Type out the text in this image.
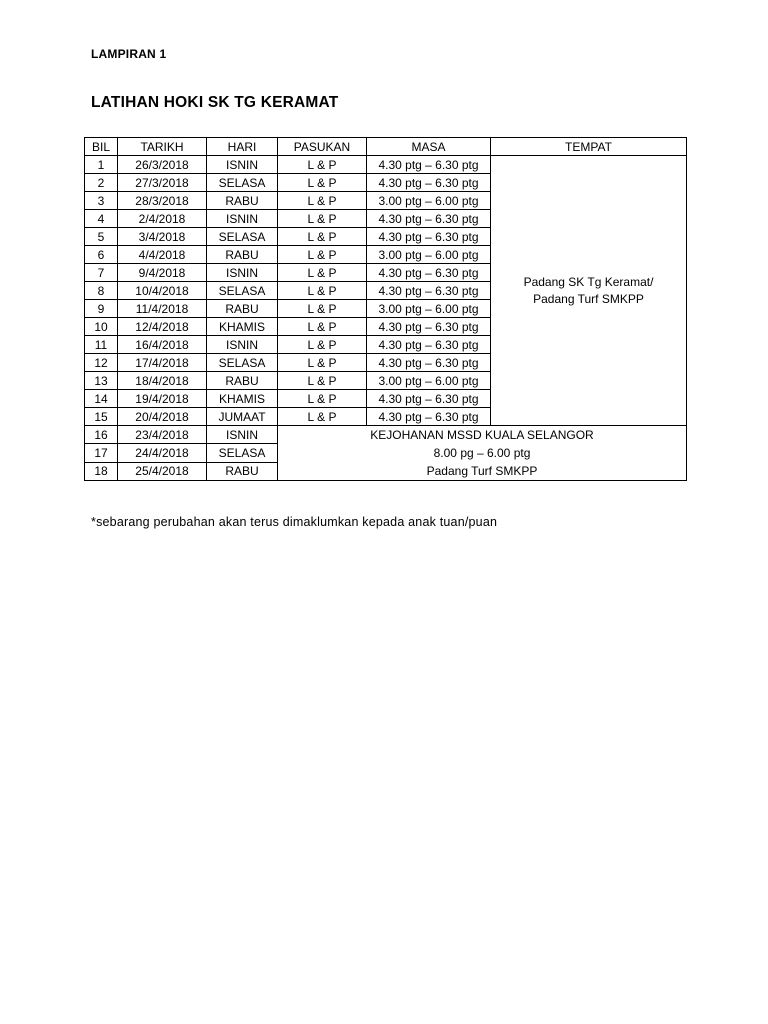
LAMPIRAN 1
LATIHAN HOKI SK TG KERAMAT
BIL	TARIKH	HARI	PASUKAN	MASA	TEMPAT
1	26/3/2018	ISNIN	L & P	4.30 ptg – 6.30 ptg	Padang SK Tg Keramat/
Padang Turf SMKPP

2	27/3/2018	SELASA	L & P	4.30 ptg – 6.30 ptg	
3	28/3/2018	RABU	L & P	3.00 ptg – 6.00 ptg	
4	2/4/2018	ISNIN	L & P	4.30 ptg – 6.30 ptg	
5	3/4/2018	SELASA	L & P	4.30 ptg – 6.30 ptg	
6	4/4/2018	RABU	L & P	3.00 ptg – 6.00 ptg	
7	9/4/2018	ISNIN	L & P	4.30 ptg – 6.30 ptg	
8	10/4/2018	SELASA	L & P	4.30 ptg – 6.30 ptg	
9	11/4/2018	RABU	L & P	3.00 ptg – 6.00 ptg	
10	12/4/2018	KHAMIS	L & P	4.30 ptg – 6.30 ptg	
11	16/4/2018	ISNIN	L & P	4.30 ptg – 6.30 ptg	
12	17/4/2018	SELASA	L & P	4.30 ptg – 6.30 ptg	
13	18/4/2018	RABU	L & P	3.00 ptg – 6.00 ptg	
14	19/4/2018	KHAMIS	L & P	4.30 ptg – 6.30 ptg	
15	20/4/2018	JUMAAT	L & P	4.30 ptg – 6.30 ptg	
16	23/4/2018	ISNIN	KEJOHANAN MSSD KUALA SELANGOR
8.00 pg – 6.00 ptg
Padang Turf SMKPP		

17	24/4/2018	SELASA			
18	25/4/2018	RABU			
*sebarang perubahan akan terus dimaklumkan kepada anak tuan/puan
